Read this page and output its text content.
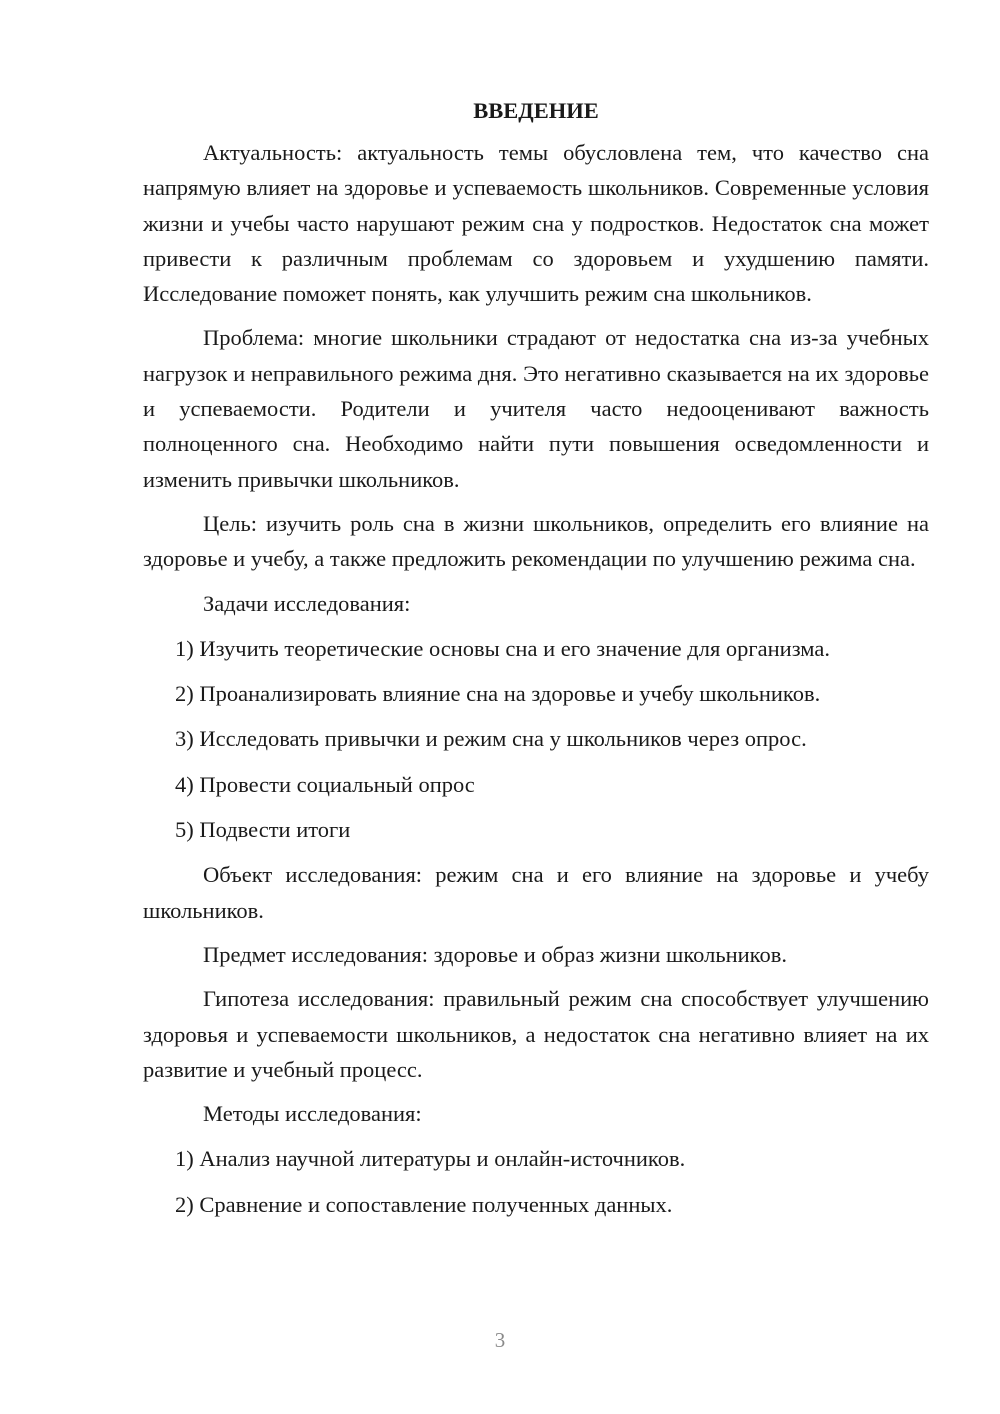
ВВЕДЕНИЕ

Актуальность: актуальность темы обусловлена тем, что качество сна напрямую влияет на здоровье и успеваемость школьников. Современные условия жизни и учебы часто нарушают режим сна у подростков. Недостаток сна может привести к различным проблемам со здоровьем и ухудшению памяти. Исследование поможет понять, как улучшить режим сна школьников.

Проблема: многие школьники страдают от недостатка сна из-за учебных нагрузок и неправильного режима дня. Это негативно сказывается на их здоровье и успеваемости. Родители и учителя часто недооценивают важность полноценного сна. Необходимо найти пути повышения осведомленности и изменить привычки школьников.

Цель: изучить роль сна в жизни школьников, определить его влияние на здоровье и учебу, а также предложить рекомендации по улучшению режима сна.

Задачи исследования:

1) Изучить теоретические основы сна и его значение для организма.
2) Проанализировать влияние сна на здоровье и учебу школьников.
3) Исследовать привычки и режим сна у школьников через опрос.
4) Провести социальный опрос
5) Подвести итоги

Объект исследования: режим сна и его влияние на здоровье и учебу школьников.

Предмет исследования: здоровье и образ жизни школьников.

Гипотеза исследования: правильный режим сна способствует улучшению здоровья и успеваемости школьников, а недостаток сна негативно влияет на их развитие и учебный процесс.

Методы исследования:

1) Анализ научной литературы и онлайн-источников.
2) Сравнение и сопоставление полученных данных.
3
